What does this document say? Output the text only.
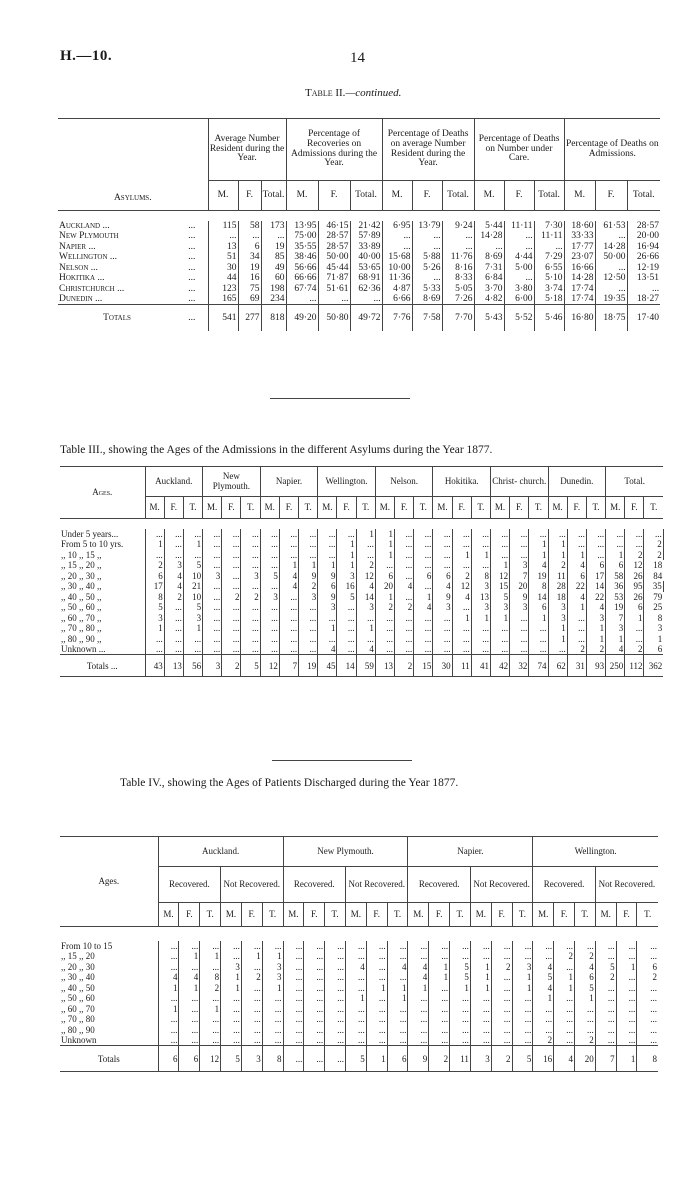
H.—10.	14
Table II.—continued.
Asylums.		Average Number Resident during the Year.			Percentage of Recoveries on Admissions during the Year.			Percentage of Deaths on average Number Resident during the Year.			Percentage of Deaths on Number under Care.			Percentage of Deaths on Admissions.		
		M.	F.	Total.	M.	F.	Total.	M.	F.	Total.	M.	F.	Total.	M.	F.	Total.

Auckland ...	...	115	58	173	13·95	46·15	21·42	6·95	13·79	9·24	5·44	11·11	7·30	18·60	61·53	28·57
New Plymouth	...	...	...	...	75·00	28·57	57·89	...	...	...	14·28	...	11·11	33·33	...	20·00
Napier ...	...	13	6	19	35·55	28·57	33·89	...	...	...	...	...	...	17·77	14·28	16·94
Wellington ...	...	51	34	85	38·46	50·00	40·00	15·68	5·88	11·76	8·69	4·44	7·29	23·07	50·00	26·66
Nelson ...	...	30	19	49	56·66	45·44	53·65	10·00	5·26	8·16	7·31	5·00	6·55	16·66	...	12·19
Hokitika ...	...	44	16	60	66·66	71·87	68·91	11·36	...	8·33	6·84	...	5·10	14·28	12·50	13·51
Christchurch ...	...	123	75	198	67·74	51·61	62·36	4·87	5·33	5·05	3·70	3·80	3·74	17·74	...	...
Dunedin ...	...	165	69	234	...	...	...	6·66	8·69	7·26	4·82	6·00	5·18	17·74	19·35	18·27
Totals	...	541	277	818	49·20	50·80	49·72	7·76	7·58	7·70	5·43	5·52	5·46	16·80	18·75	17·40
Table III., showing the Ages of the Admissions in the different Asylums during the Year 1877.
Ages.	Auckland.			New Plymouth.			Napier.			Wellington.			Nelson.			Hokitika.			Christ- church.			Dunedin.			Total.			
	M.	F.	T.	M.	F.	T.	M.	F.	T.	M.	F.	T.	M.	F.	T.	M.	F.	T.	M.	F.	T.	M.	F.	T.	M.	F.	T.	

Under 5 years...	...	...	...	...	...	...	...	...	...	...	...	1	1	...	...	...	...	...	...	...	...	...	...	...	...	...	...		
From 5 to 10 yrs.	1	...	1	...	...	...	...	...	...	...	1	...	1	...	...	...	...	...	...	...	1	1	...	...	...	...	2		
,, 10 ,, 15 ,,	...	...	...	...	...	...	...	...	...	...	1	...	1	...	...	...	1	1	...	...	1	1	1	...	1	2	2	
,, 15 ,, 20 ,,	2	3	5	...	...	...	...	1	1	1	1	2	...	...	...	...	...	...	1	3	4	2	4	6	6	12	18	
,, 20 ,, 30 ,,	6	4	10	3	...	3	5	4	9	9	3	12	6	...	6	6	2	8	12	7	19	11	6	17	58	26	84	
,, 30 ,, 40 ,,	17	4	21	...	...	...	...	4	2	6	16	4	20	4	...	4	12	3	15	20	8	28	22	14	36	95	35	
,, 40 ,, 50 ,,	8	2	10	...	2	2	3	...	3	9	5	14	1	...	1	9	4	13	5	9	14	18	4	22	53	26	79	
,, 50 ,, 60 ,,	5	...	5	...	...	...	...	...	...	3	...	3	2	2	4	3	...	3	3	3	6	3	1	4	19	6	25	
,, 60 ,, 70 ,,	3	...	3	...	...	...	...	...	...	...	...	...	...	...	...	...	1	1	1	...	1	3	...	3	7	1	8	
,, 70 ,, 80 ,,	1	...	1	...	...	...	...	...	...	1	...	1	...	...	...	...	...	...	...	...	...	1	...	1	3	...	3	
,, 80 ,, 90 ,,	...	...	...	...	...	...	...	...	...	...	...	...	...	...	...	...	...	...	...	...	...	1	...	1	1	...	1	
Unknown ...	...	...	...	...	...	...	...	...	...	4	...	4	...	...	...	...	...	...	...	...	...	...	2	2	4	2	6	
Totals ...	43	13	56	3	2	5	12	7	19	45	14	59	13	2	15	30	11	41	42	32	74	62	31	93	250	112	362	
Table IV., showing the Ages of Patients Discharged during the Year 1877.
Ages.	Auckland.						New Plymouth.						Napier.						Wellington.					
	Recovered.			Not Recovered.			Recovered.			Not Recovered.			Recovered.			Not Recovered.			Recovered.			Not Recovered.		
	M.	F.	T.	M.	F.	T.	M.	F.	T.	M.	F.	T.	M.	F.	T.	M.	F.	T.	M.	F.	T.	M.	F.	T.

From 10 to 15	...	...	...	...	...	...	...	...	...	...	...	...	...	...	...	...	...	...	...	...	...	...	...	...
,, 15 ,, 20	...	1	1	...	1	1	...	...	...	...	...	...	...	...	...	...	...	...	...	2	2	...	...	...
,, 20 ,, 30	...	...	...	3	...	3	...	...	...	4	...	4	4	1	5	1	2	3	4	...	4	5	1	6
,, 30 ,, 40	4	4	8	1	2	3	...	...	...	...	...	...	4	1	5	1	...	1	5	1	6	2	...	2
,, 40 ,, 50	1	1	2	1	...	1	...	...	...	...	1	1	1	...	1	1	...	1	4	1	5	...	...	...
,, 50 ,, 60	...	...	...	...	...	...	...	...	...	1	...	1	...	...	...	...	...	...	1	...	1	...	...	...
,, 60 ,, 70	1	...	1	...	...	...	...	...	...	...	...	...	...	...	...	...	...	...	...	...	...	...	...	...
,, 70 ,, 80	...	...	...	...	...	...	...	...	...	...	...	...	...	...	...	...	...	...	...	...	...	...	...	...
,, 80 ,, 90	...	...	...	...	...	...	...	...	...	...	...	...	...	...	...	...	...	...	...	...	...	...	...	...
Unknown	...	...	...	...	...	...	...	...	...	...	...	...	...	...	...	...	...	...	2	...	2	...	...	...
Totals	6	6	12	5	3	8	...	...	...	5	1	6	9	2	11	3	2	5	16	4	20	7	1	8
